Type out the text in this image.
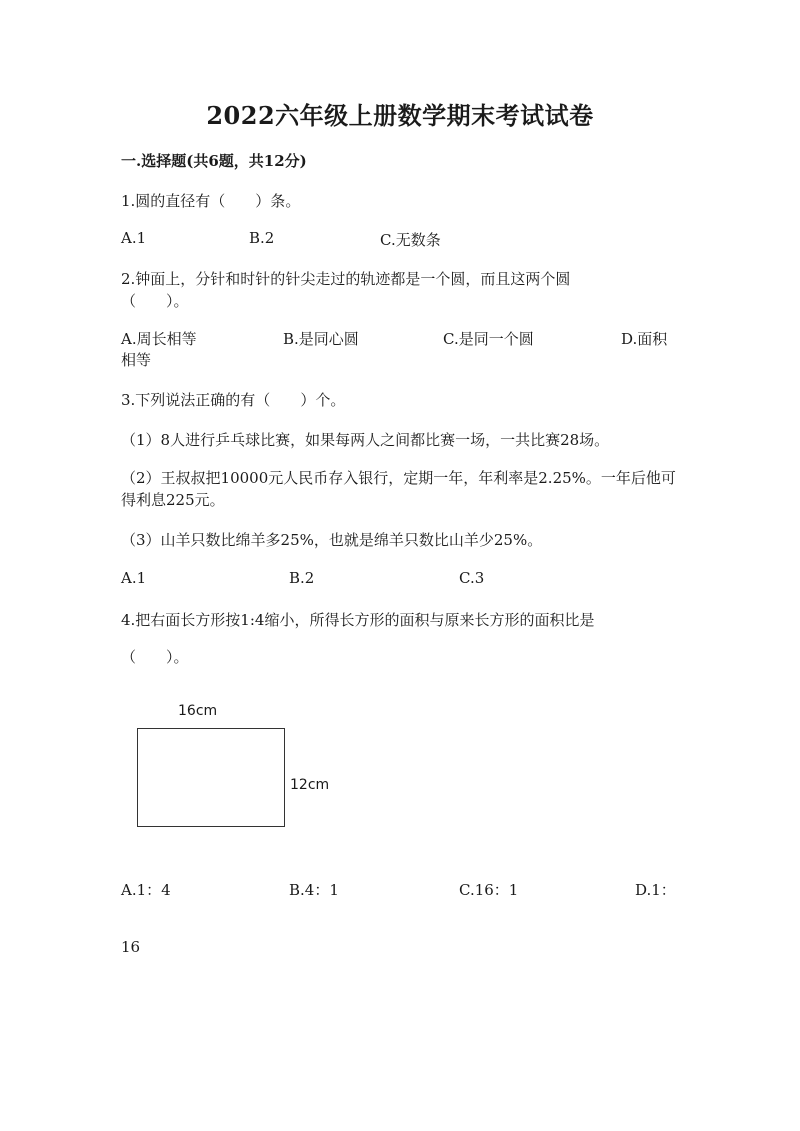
2022六年级上册数学期末考试试卷
一.选择题(共6题，共12分)
1.圆的直径有（　　）条。
A.1	B.2	C.无数条
2.钟面上，分针和时针的针尖走过的轨迹都是一个圆，而且这两个圆
（　　）。
A.周长相等	B.是同心圆	C.是同一个圆	D.面积
相等
3.下列说法正确的有（　　）个。
（1）8人进行乒乓球比赛，如果每两人之间都比赛一场，一共比赛28场。
（2）王叔叔把10000元人民币存入银行，定期一年，年利率是2.25%。一年后他可得利息225元。
（3）山羊只数比绵羊多25%，也就是绵羊只数比山羊少25%。
A.1	B.2	C.3
4.把右面长方形按1:4缩小，所得长方形的面积与原来长方形的面积比是
（　　）。
16cm
12cm
A.1：4	B.4：1	C.16：1	D.1：
16
